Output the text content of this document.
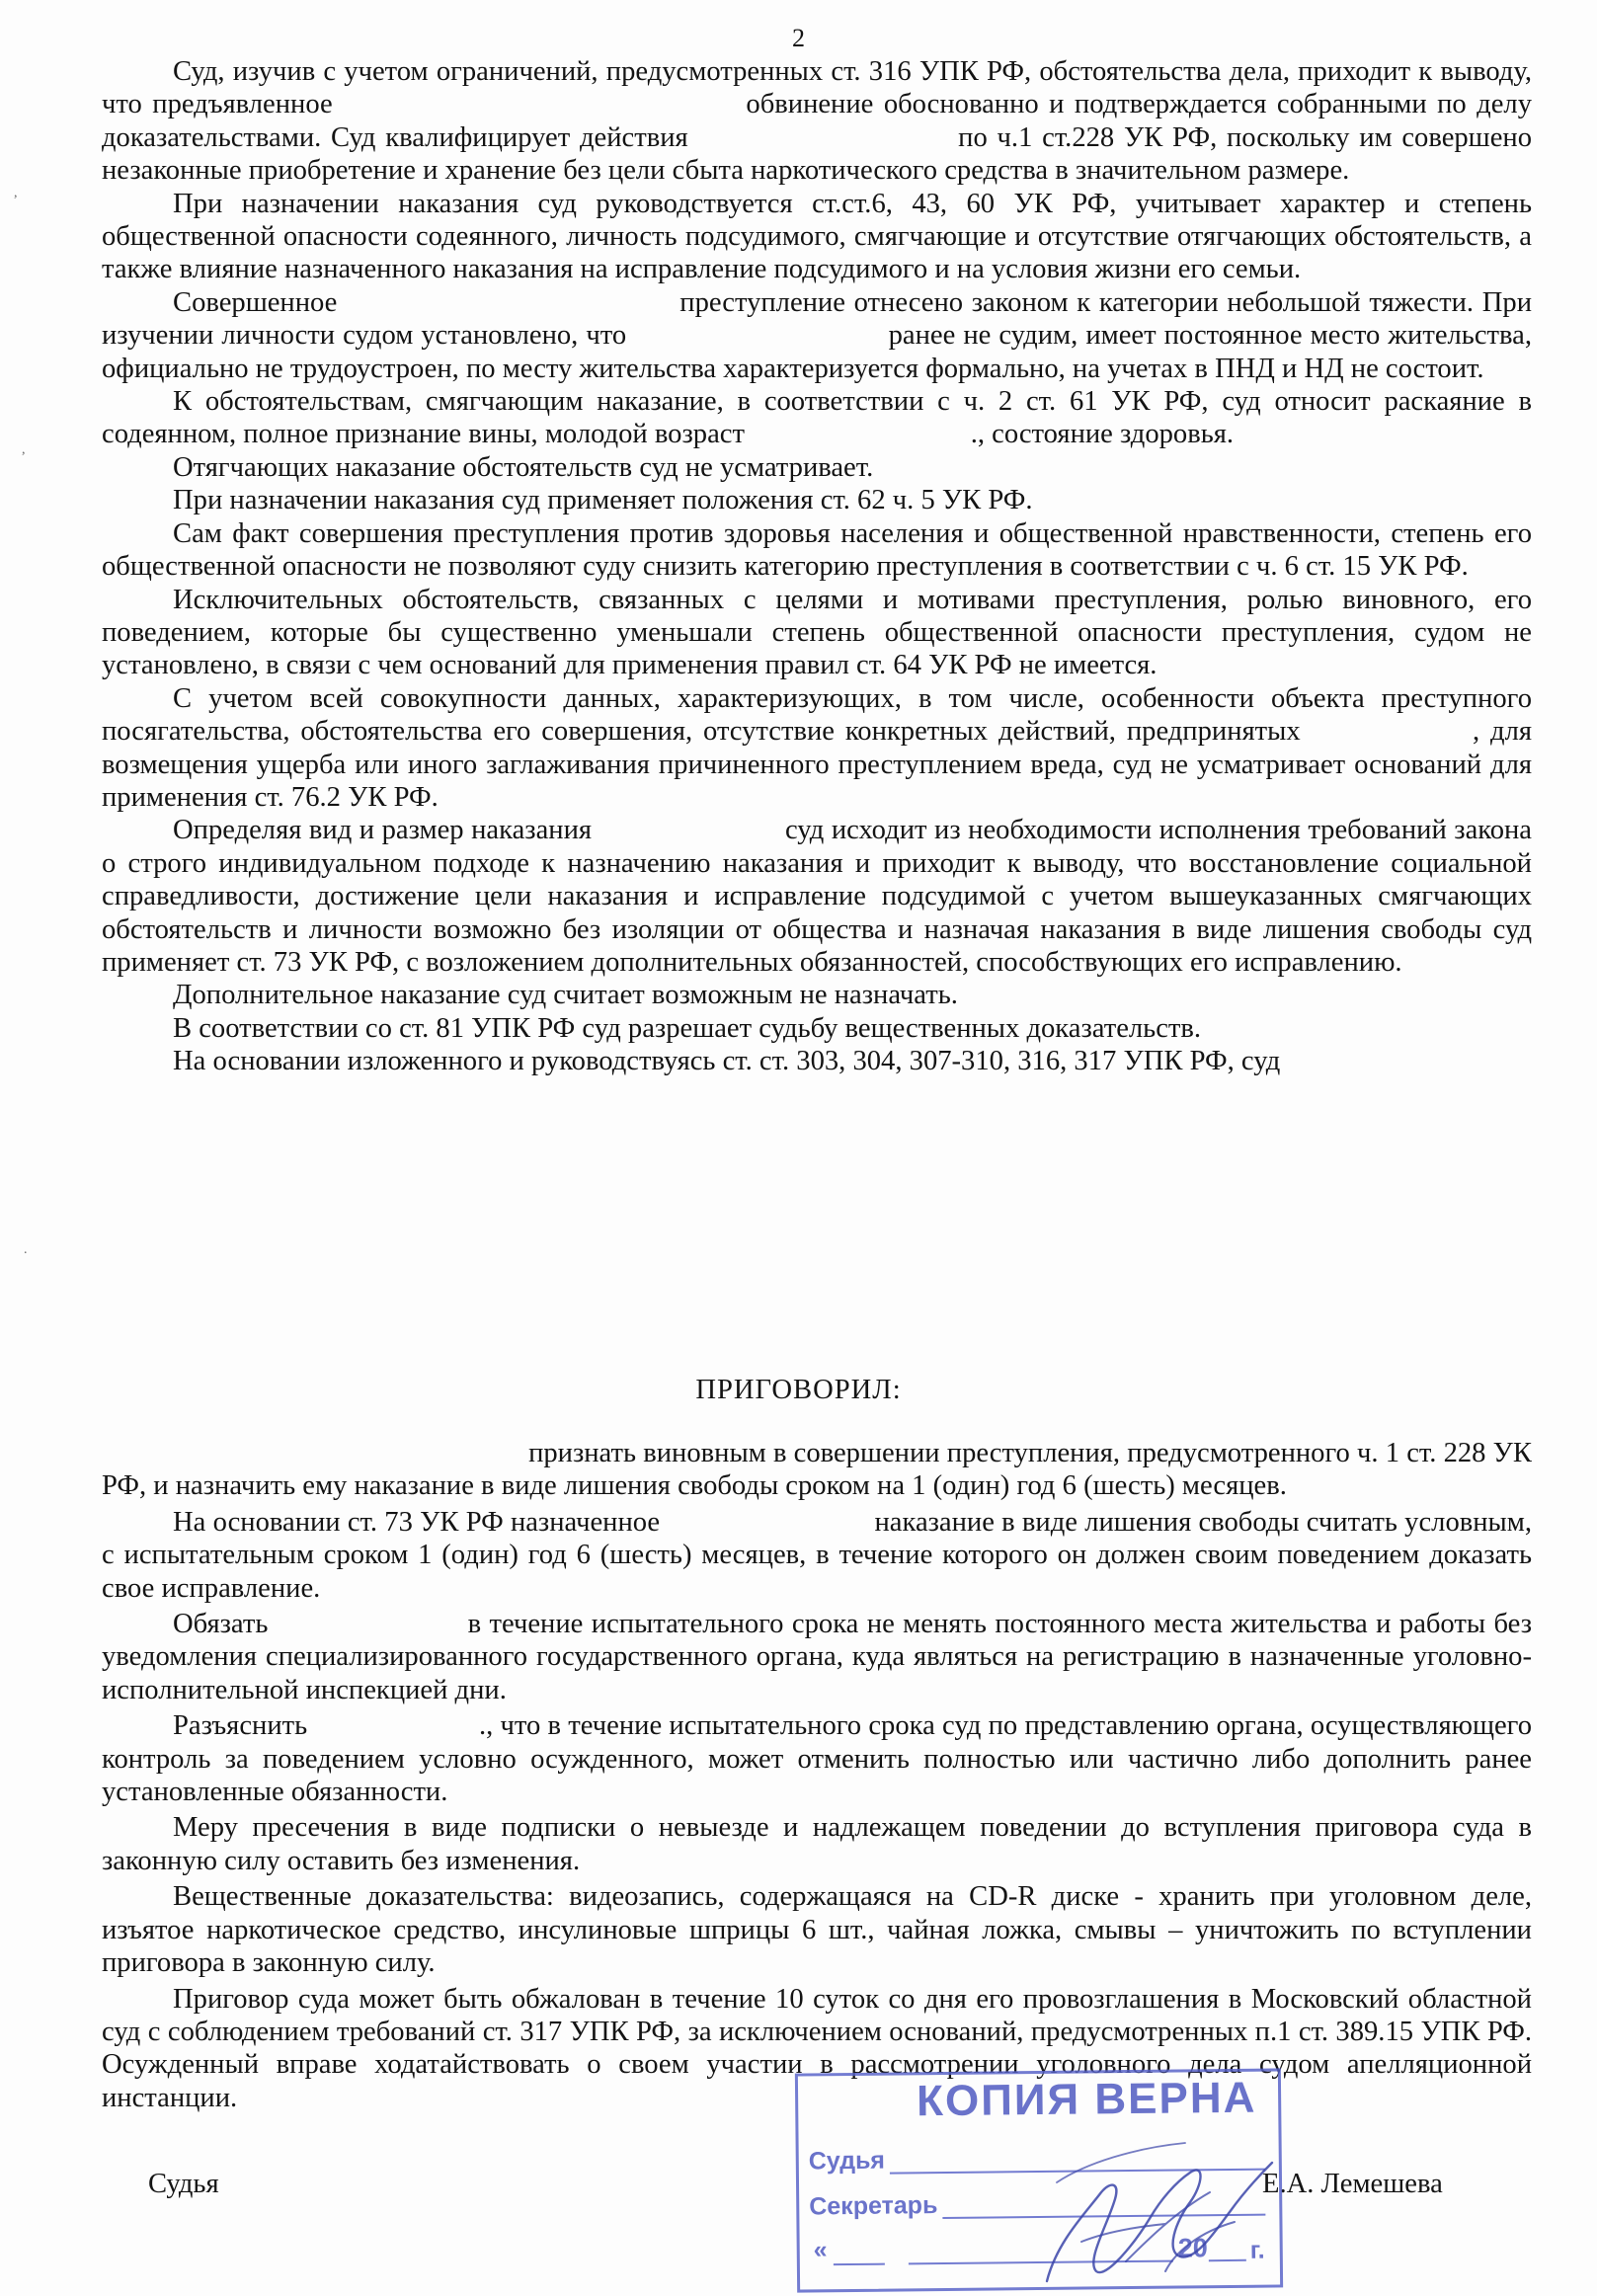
2

Суд, изучив с учетом ограничений, предусмотренных ст. 316 УПК РФ, обстоятельства дела, приходит к выводу, что предъявленное                                        обвинение обоснованно и подтверждается собранными по делу доказательствами. Суд квалифицирует действия                            по ч.1 ст.228 УК РФ, поскольку им совершено незаконные приобретение и хранение без цели сбыта наркотического средства в значительном размере.

При назначении наказания суд руководствуется ст.ст.6, 43, 60 УК РФ, учитывает характер и степень общественной опасности содеянного, личность подсудимого, смягчающие и отсутствие отягчающих обстоятельств, а также влияние назначенного наказания на исправление подсудимого и на условия жизни его семьи.

Совершенное                                        преступление отнесено законом к категории небольшой тяжести. При изучении личности судом установлено, что                                 ранее не судим, имеет постоянное место жительства, официально не трудоустроен, по месту жительства характеризуется формально, на учетах в ПНД и НД не состоит.

К обстоятельствам, смягчающим наказание, в соответствии с ч. 2 ст. 61 УК РФ, суд относит раскаяние в содеянном, полное признание вины, молодой возраст                                ., состояние здоровья.

Отягчающих наказание обстоятельств суд не усматривает.

При назначении наказания суд применяет положения ст. 62 ч. 5 УК РФ.

Сам факт совершения преступления против здоровья населения и общественной нравственности, степень его общественной опасности не позволяют суду снизить категорию преступления в соответствии с ч. 6 ст. 15 УК РФ.

Исключительных обстоятельств, связанных с целями и мотивами преступления, ролью виновного, его поведением, которые бы существенно уменьшали степень общественной опасности преступления, судом не установлено, в связи с чем оснований для применения правил ст. 64 УК РФ не имеется.

С учетом всей совокупности данных, характеризующих, в том числе, особенности объекта преступного посягательства, обстоятельства его совершения, отсутствие конкретных действий, предпринятых                , для возмещения ущерба или иного заглаживания причиненного преступлением вреда, суд не усматривает оснований для применения ст. 76.2 УК РФ.

Определяя вид и размер наказания                          суд исходит из необходимости исполнения требований закона о строго индивидуальном подходе к назначению наказания и приходит к выводу, что восстановление социальной справедливости, достижение цели наказания и исправление подсудимой с учетом вышеуказанных смягчающих обстоятельств и личности возможно без изоляции от общества и назначая наказания в виде лишения свободы суд применяет ст. 73 УК РФ, с возложением дополнительных обязанностей, способствующих его исправлению.

Дополнительное наказание суд считает возможным не назначать.

В соответствии со ст. 81 УПК РФ суд разрешает судьбу вещественных доказательств.

На основании изложенного и руководствуясь ст. ст. 303, 304, 307-310, 316, 317 УПК РФ, суд

ПРИГОВОРИЛ:

признать виновным в совершении преступления, предусмотренного ч. 1 ст. 228 УК РФ, и назначить ему наказание в виде лишения свободы сроком на 1 (один) год 6 (шесть) месяцев.

На основании ст. 73 УК РФ назначенное                              наказание в виде лишения свободы считать условным, с испытательным сроком 1 (один) год 6 (шесть) месяцев, в течение которого он должен своим поведением доказать свое исправление.

Обязать                        в течение испытательного срока не менять постоянного места жительства и работы без уведомления специализированного государственного органа, куда являться на регистрацию в назначенные уголовно-исполнительной инспекцией дни.

Разъяснить                        ., что в течение испытательного срока суд по представлению органа, осуществляющего контроль за поведением условно осужденного, может отменить полностью или частично либо дополнить ранее установленные обязанности.

Меру пресечения в виде подписки о невыезде и надлежащем поведении до вступления приговора суда в законную силу оставить без изменения.

Вещественные доказательства: видеозапись, содержащаяся на CD-R диске - хранить при уголовном деле, изъятое наркотическое средство, инсулиновые шприцы 6 шт., чайная ложка, смывы – уничтожить по вступлении приговора в законную силу.

Приговор суда может быть обжалован в течение 10 суток со дня его провозглашения в Московский областной суд с соблюдением требований ст. 317 УПК РФ, за исключением оснований, предусмотренных п.1 ст. 389.15 УПК РФ. Осужденный вправе ходатайствовать о своем участии в рассмотрении уголовного дела судом апелляционной инстанции.

Судья	Е.А. Лемешева
КОПИЯ ВЕРНА
Судья
Секретарь
«	20 г.
,
,
.
